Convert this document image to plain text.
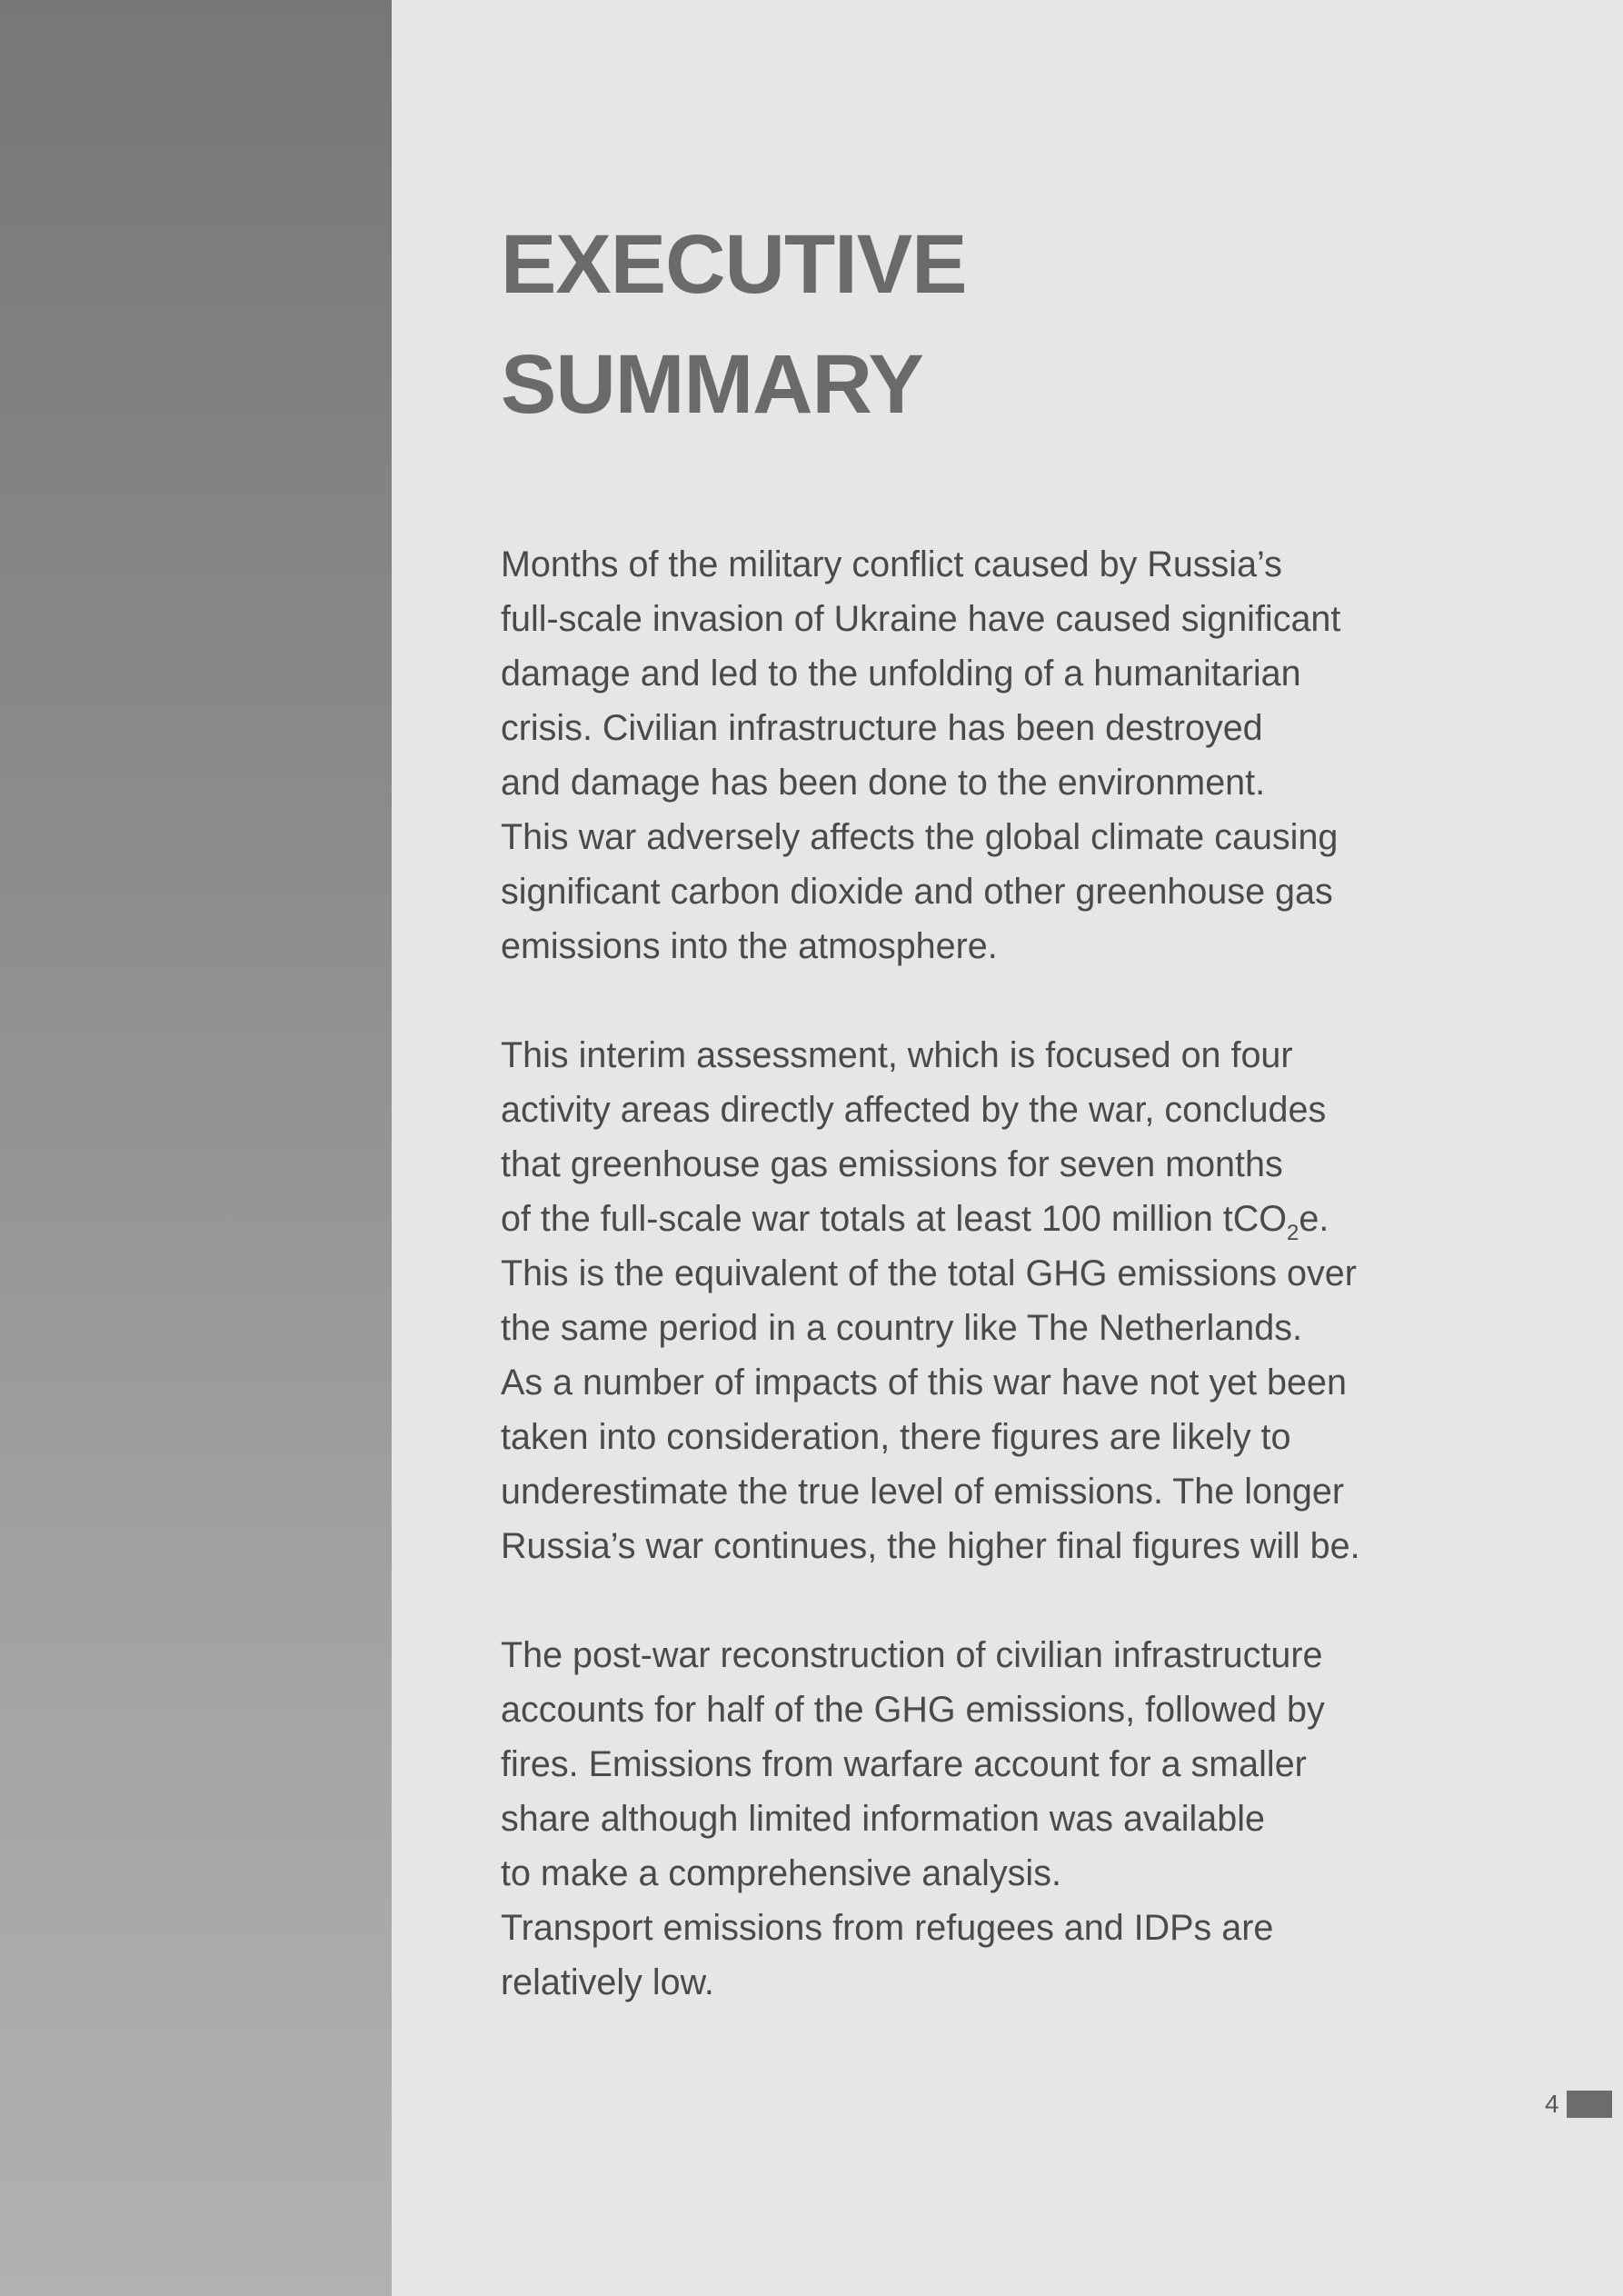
EXECUTIVE
SUMMARY

Months of the military conflict caused by Russia’s
full-scale invasion of Ukraine have caused significant
damage and led to the unfolding of a humanitarian
crisis. Civilian infrastructure has been destroyed
and damage has been done to the environment.
This war adversely affects the global climate causing
significant carbon dioxide and other greenhouse gas
emissions into the atmosphere.

This interim assessment, which is focused on four
activity areas directly affected by the war, concludes
that greenhouse gas emissions for seven months
of the full-scale war totals at least 100 million tCO$_2$e.
This is the equivalent of the total GHG emissions over
the same period in a country like The Netherlands.
As a number of impacts of this war have not yet been
taken into consideration, there figures are likely to
underestimate the true level of emissions. The longer
Russia’s war continues, the higher final figures will be.

The post-war reconstruction of civilian infrastructure
accounts for half of the GHG emissions, followed by
fires. Emissions from warfare account for a smaller
share although limited information was available
to make a comprehensive analysis.
Transport emissions from refugees and IDPs are
relatively low.

4
